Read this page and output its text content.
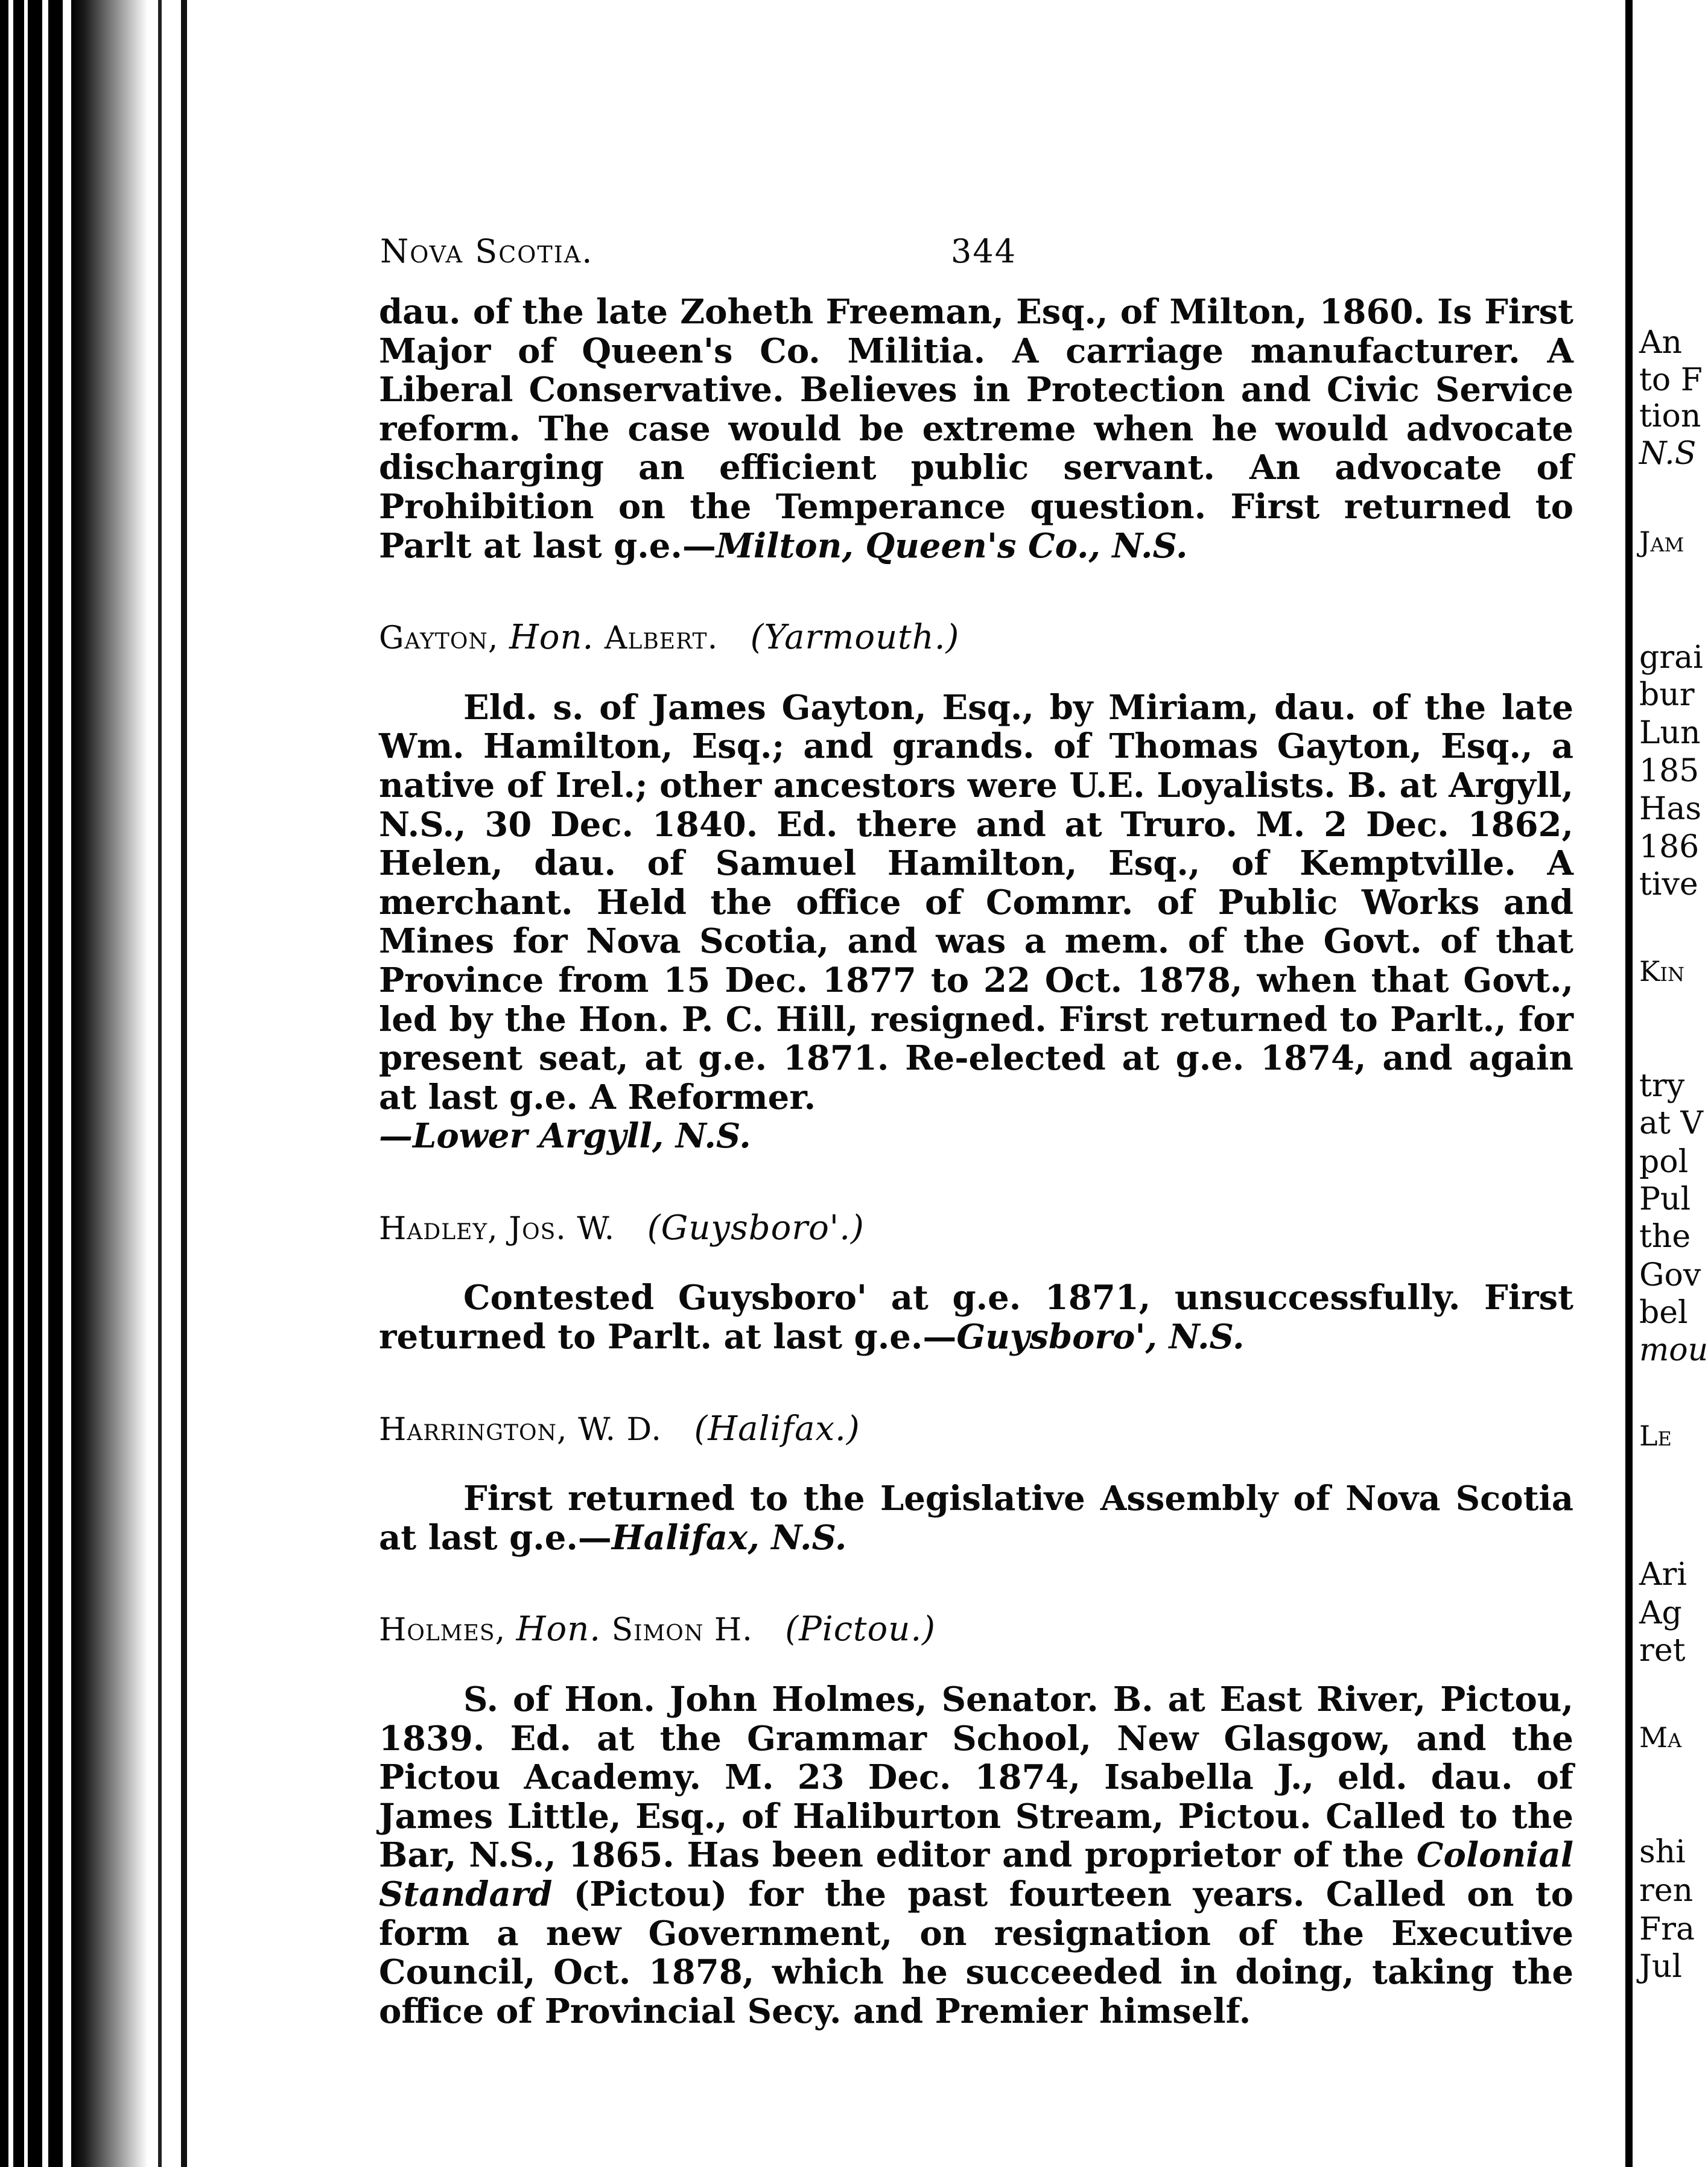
Nova Scotia.	344

dau. of the late Zoheth Freeman, Esq., of Milton, 1860. Is First Major of Queen's Co. Militia. A carriage manufacturer. A Liberal Conservative. Believes in Protection and Civic Service reform. The case would be extreme when he would advocate discharging an efficient public servant. An advocate of Prohibition on the Temperance question. First returned to Parlt at last g.e.—Milton, Queen's Co., N.S.

Gayton, Hon. Albert. (Yarmouth.)

Eld. s. of James Gayton, Esq., by Miriam, dau. of the late Wm. Hamilton, Esq.; and grands. of Thomas Gayton, Esq., a native of Irel.; other ancestors were U.E. Loyalists. B. at Argyll, N.S., 30 Dec. 1840. Ed. there and at Truro. M. 2 Dec. 1862, Helen, dau. of Samuel Hamilton, Esq., of Kemptville. A merchant. Held the office of Commr. of Public Works and Mines for Nova Scotia, and was a mem. of the Govt. of that Province from 15 Dec. 1877 to 22 Oct. 1878, when that Govt., led by the Hon. P. C. Hill, resigned. First returned to Parlt., for present seat, at g.e. 1871. Re-elected at g.e. 1874, and again at last g.e. A Reformer.
—Lower Argyll, N.S.

Hadley, Jos. W. (Guysboro'.)

Contested Guysboro' at g.e. 1871, unsuccessfully. First returned to Parlt. at last g.e.—Guysboro', N.S.

Harrington, W. D. (Halifax.)

First returned to the Legislative Assembly of Nova Scotia at last g.e.—Halifax, N.S.

Holmes, Hon. Simon H. (Pictou.)

S. of Hon. John Holmes, Senator. B. at East River, Pictou, 1839. Ed. at the Grammar School, New Glasgow, and the Pictou Academy. M. 23 Dec. 1874, Isabella J., eld. dau. of James Little, Esq., of Haliburton Stream, Pictou. Called to the Bar, N.S., 1865. Has been editor and proprietor of the Colonial Standard (Pictou) for the past fourteen years. Called on to form a new Government, on resignation of the Executive Council, Oct. 1878, which he succeeded in doing, taking the office of Provincial Secy. and Premier himself.

An
to F
tion
N.S
Jam
grai
bur
Lun
185
Has
186
tive
Kin
try
at V
pol
Pul
the
Gov
bel
mou
Le
Ari
Ag
ret
Ma
shi
ren
Fra
Jul
